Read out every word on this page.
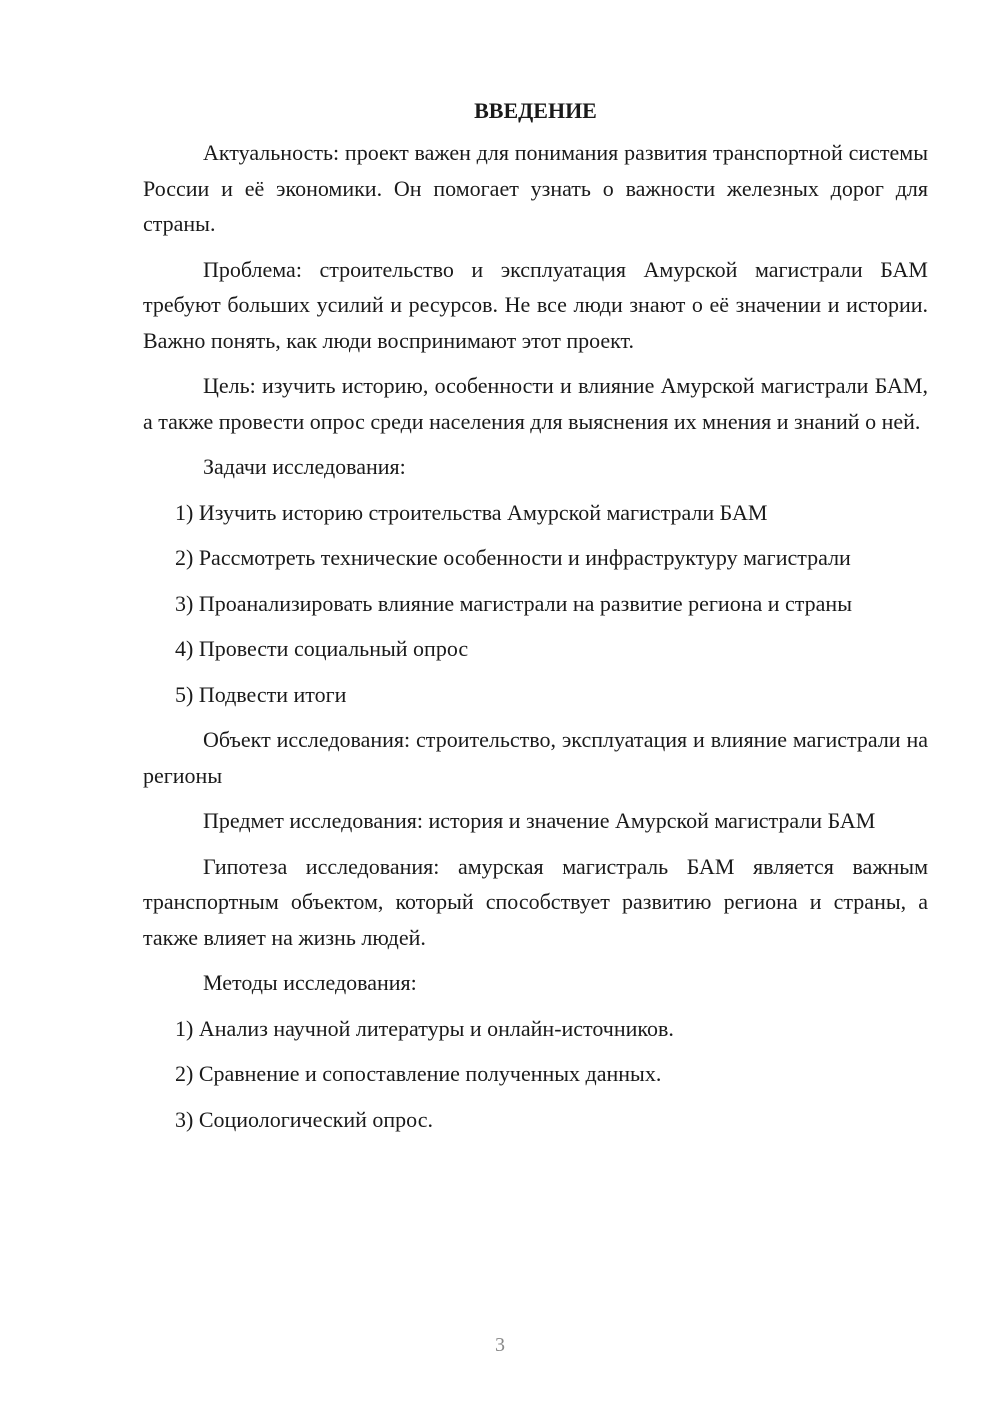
ВВЕДЕНИЕ

Актуальность: проект важен для понимания развития транспортной системы России и её экономики. Он помогает узнать о важности железных дорог для страны.

Проблема: строительство и эксплуатация Амурской магистрали БАМ требуют больших усилий и ресурсов. Не все люди знают о её значении и истории. Важно понять, как люди воспринимают этот проект.

Цель: изучить историю, особенности и влияние Амурской магистрали БАМ, а также провести опрос среди населения для выяснения их мнения и знаний о ней.

Задачи исследования:

1) Изучить историю строительства Амурской магистрали БАМ

2) Рассмотреть технические особенности и инфраструктуру магистрали

3) Проанализировать влияние магистрали на развитие региона и страны

4) Провести социальный опрос

5) Подвести итоги

Объект исследования: строительство, эксплуатация и влияние магистрали на регионы

Предмет исследования: история и значение Амурской магистрали БАМ

Гипотеза исследования: амурская магистраль БАМ является важным транспортным объектом, который способствует развитию региона и страны, а также влияет на жизнь людей.

Методы исследования:

1) Анализ научной литературы и онлайн-источников.

2) Сравнение и сопоставление полученных данных.

3) Социологический опрос.

3
